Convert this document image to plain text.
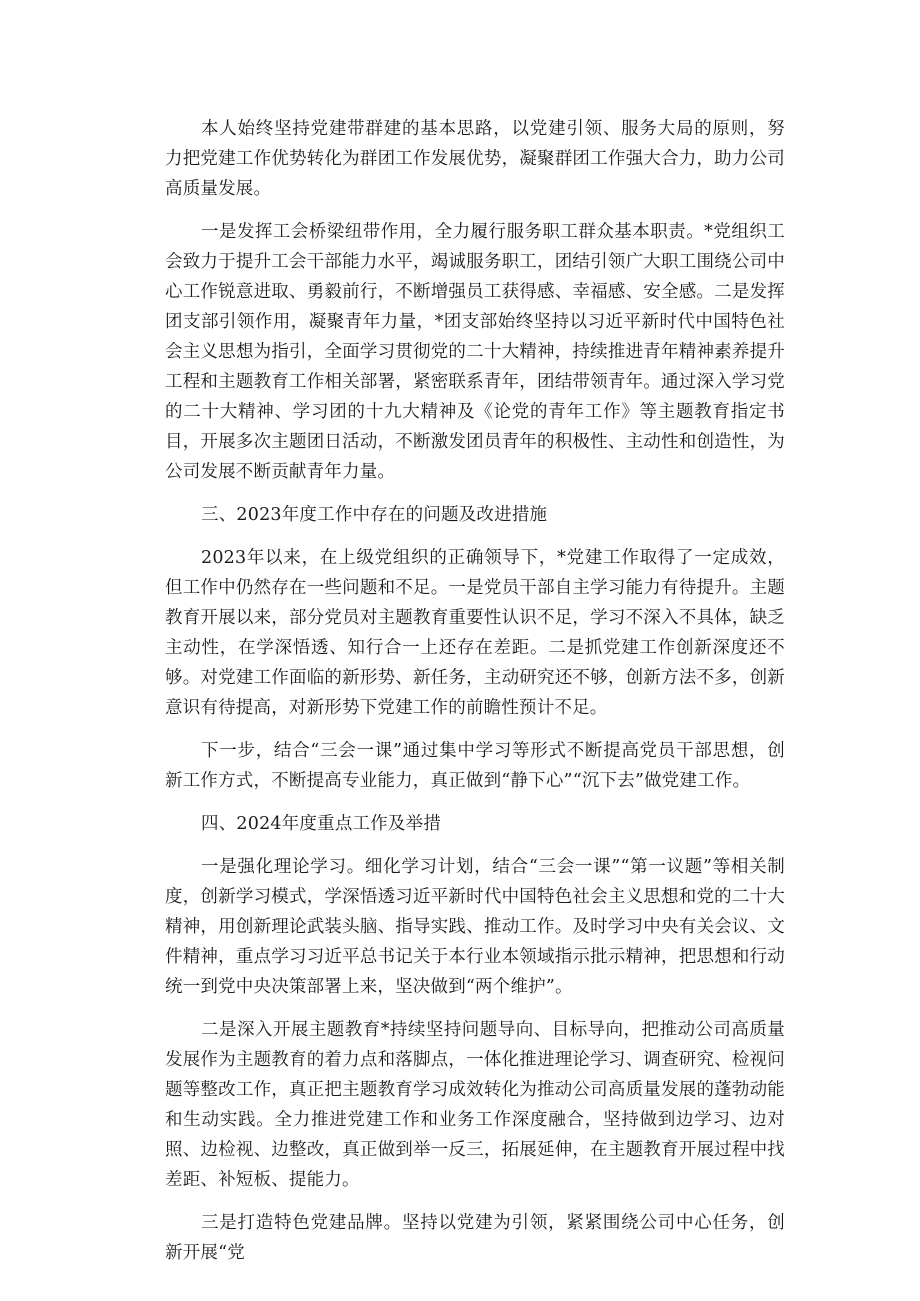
本人始终坚持党建带群建的基本思路，以党建引领、服务大局的原则，努力把党建工作优势转化为群团工作发展优势，凝聚群团工作强大合力，助力公司高质量发展。

一是发挥工会桥梁纽带作用，全力履行服务职工群众基本职责。*党组织工会致力于提升工会干部能力水平，竭诚服务职工，团结引领广大职工围绕公司中心工作锐意进取、勇毅前行，不断增强员工获得感、幸福感、安全感。二是发挥团支部引领作用，凝聚青年力量，*团支部始终坚持以习近平新时代中国特色社会主义思想为指引，全面学习贯彻党的二十大精神，持续推进青年精神素养提升工程和主题教育工作相关部署，紧密联系青年，团结带领青年。通过深入学习党的二十大精神、学习团的十九大精神及《论党的青年工作》等主题教育指定书目，开展多次主题团日活动，不断激发团员青年的积极性、主动性和创造性，为公司发展不断贡献青年力量。

三、2023年度工作中存在的问题及改进措施

2023年以来，在上级党组织的正确领导下，*党建工作取得了一定成效，但工作中仍然存在一些问题和不足。一是党员干部自主学习能力有待提升。主题教育开展以来，部分党员对主题教育重要性认识不足，学习不深入不具体，缺乏主动性，在学深悟透、知行合一上还存在差距。二是抓党建工作创新深度还不够。对党建工作面临的新形势、新任务，主动研究还不够，创新方法不多，创新意识有待提高，对新形势下党建工作的前瞻性预计不足。

下一步，结合“三会一课”通过集中学习等形式不断提高党员干部思想，创新工作方式，不断提高专业能力，真正做到“静下心”“沉下去”做党建工作。

四、2024年度重点工作及举措

一是强化理论学习。细化学习计划，结合“三会一课”“第一议题”等相关制度，创新学习模式，学深悟透习近平新时代中国特色社会主义思想和党的二十大精神，用创新理论武装头脑、指导实践、推动工作。及时学习中央有关会议、文件精神，重点学习习近平总书记关于本行业本领域指示批示精神，把思想和行动统一到党中央决策部署上来，坚决做到“两个维护”。

二是深入开展主题教育*持续坚持问题导向、目标导向，把推动公司高质量发展作为主题教育的着力点和落脚点，一体化推进理论学习、调查研究、检视问题等整改工作，真正把主题教育学习成效转化为推动公司高质量发展的蓬勃动能和生动实践。全力推进党建工作和业务工作深度融合，坚持做到边学习、边对照、边检视、边整改，真正做到举一反三，拓展延伸，在主题教育开展过程中找差距、补短板、提能力。

三是打造特色党建品牌。坚持以党建为引领，紧紧围绕公司中心任务，创新开展“党
